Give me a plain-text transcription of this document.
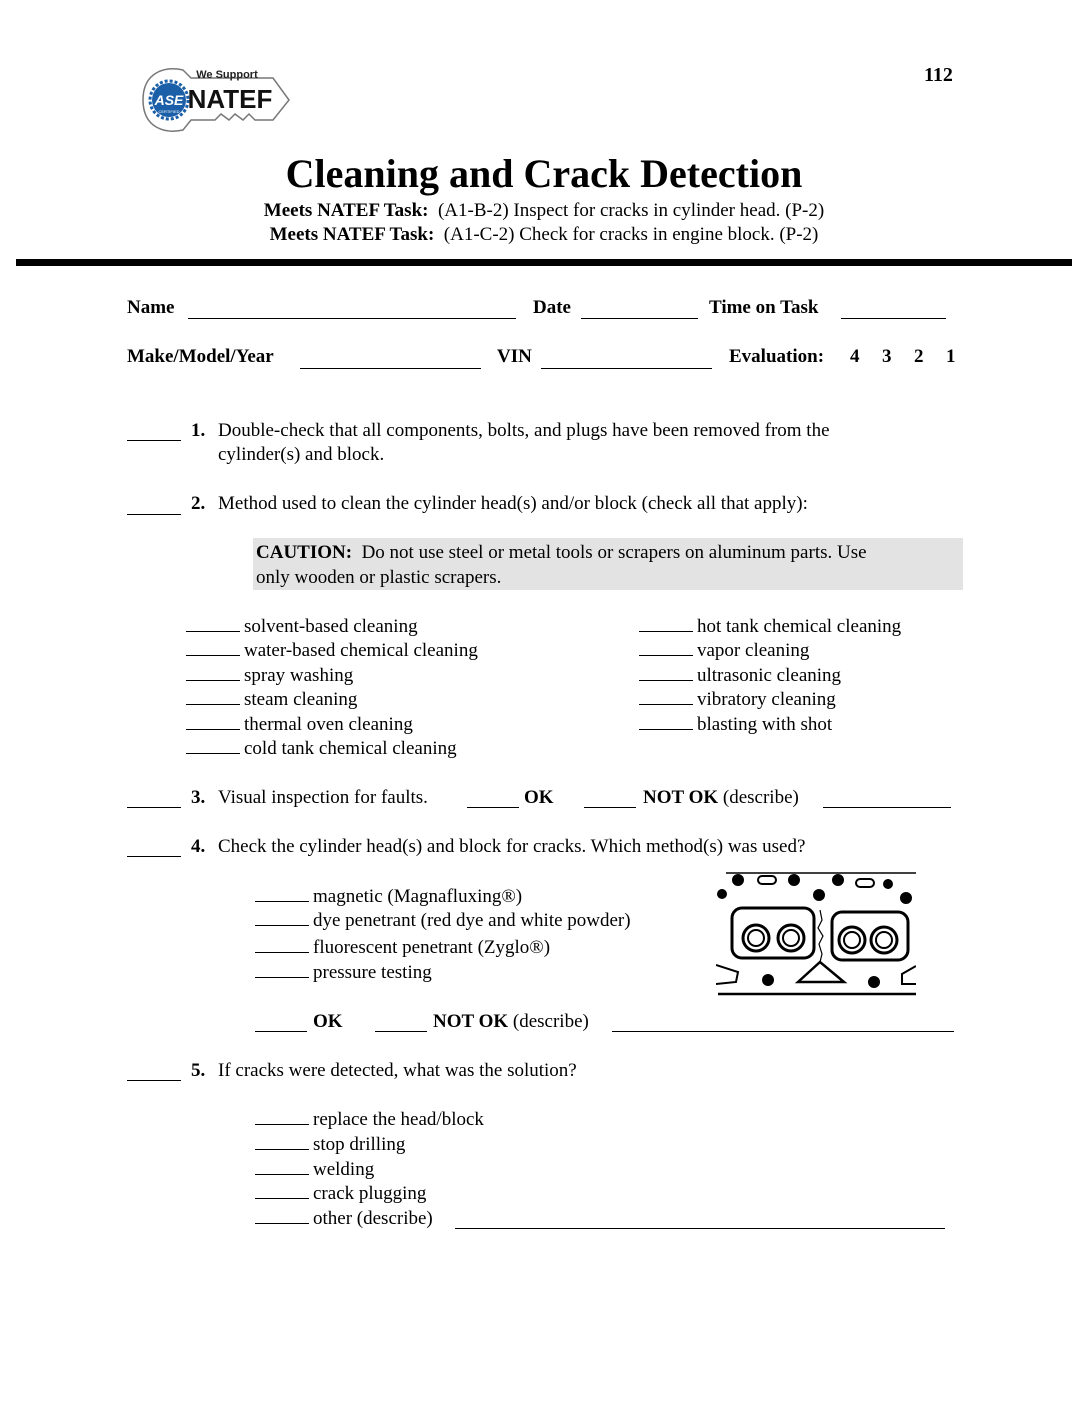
ASE
CERTIFIED
We Support
NATEF
112
Cleaning and Crack Detection
Meets NATEF Task: (A1-B-2) Inspect for cracks in cylinder head. (P-2)
Meets NATEF Task: (A1-C-2) Check for cracks in engine block. (P-2)
Name	Date	Time on Task
Make/Model/Year	VIN	Evaluation: 4 3 2 1
1. Double-check that all components, bolts, and plugs have been removed from the
cylinder(s) and block.
2. Method used to clean the cylinder head(s) and/or block (check all that apply):
CAUTION: Do not use steel or metal tools or scrapers on aluminum parts. Use
only wooden or plastic scrapers.
solvent-based cleaning
water-based chemical cleaning
spray washing
steam cleaning
thermal oven cleaning
cold tank chemical cleaning
hot tank chemical cleaning
vapor cleaning
ultrasonic cleaning
vibratory cleaning
blasting with shot
3. Visual inspection for faults.	OK	NOT OK (describe)
4. Check the cylinder head(s) and block for cracks. Which method(s) was used?
magnetic (Magnafluxing®)
dye penetrant (red dye and white powder)
fluorescent penetrant (Zyglo®)
pressure testing
OK	NOT OK (describe)
5. If cracks were detected, what was the solution?
replace the head/block
stop drilling
welding
crack plugging
other (describe)
